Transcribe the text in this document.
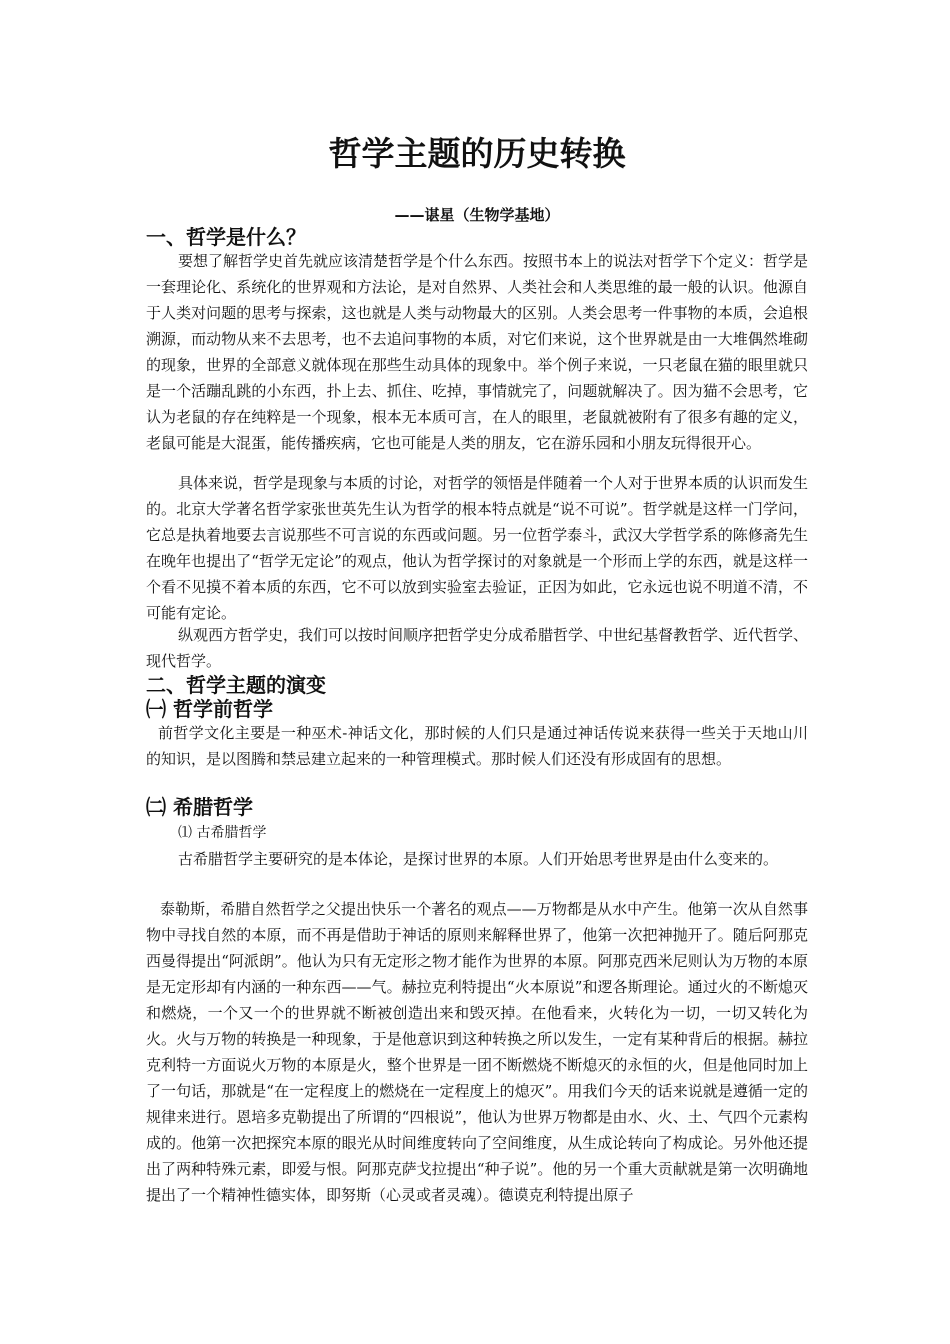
哲学主题的历史转换
——谌星（生物学基地）
一、哲学是什么？

要想了解哲学史首先就应该清楚哲学是个什么东西。按照书本上的说法对哲学下个定义：哲学是一套理论化、系统化的世界观和方法论，是对自然界、人类社会和人类思维的最一般的认识。他源自于人类对问题的思考与探索，这也就是人类与动物最大的区别。人类会思考一件事物的本质，会追根溯源，而动物从来不去思考，也不去追问事物的本质，对它们来说，这个世界就是由一大堆偶然堆砌的现象，世界的全部意义就体现在那些生动具体的现象中。举个例子来说，一只老鼠在猫的眼里就只是一个活蹦乱跳的小东西，扑上去、抓住、吃掉，事情就完了，问题就解决了。因为猫不会思考，它认为老鼠的存在纯粹是一个现象，根本无本质可言，在人的眼里，老鼠就被附有了很多有趣的定义，老鼠可能是大混蛋，能传播疾病，它也可能是人类的朋友，它在游乐园和小朋友玩得很开心。

具体来说，哲学是现象与本质的讨论，对哲学的领悟是伴随着一个人对于世界本质的认识而发生的。北京大学著名哲学家张世英先生认为哲学的根本特点就是“说不可说”。哲学就是这样一门学问，它总是执着地要去言说那些不可言说的东西或问题。另一位哲学泰斗，武汉大学哲学系的陈修斋先生在晚年也提出了“哲学无定论”的观点，他认为哲学探讨的对象就是一个形而上学的东西，就是这样一个看不见摸不着本质的东西，它不可以放到实验室去验证，正因为如此，它永远也说不明道不清，不可能有定论。

纵观西方哲学史，我们可以按时间顺序把哲学史分成希腊哲学、中世纪基督教哲学、近代哲学、现代哲学。

二、哲学主题的演变
㈠ 哲学前哲学

前哲学文化主要是一种巫术-神话文化，那时候的人们只是通过神话传说来获得一些关于天地山川的知识，是以图腾和禁忌建立起来的一种管理模式。那时候人们还没有形成固有的思想。

㈡ 希腊哲学
⑴ 古希腊哲学

古希腊哲学主要研究的是本体论，是探讨世界的本原。人们开始思考世界是由什么变来的。

泰勒斯，希腊自然哲学之父提出快乐一个著名的观点——万物都是从水中产生。他第一次从自然事物中寻找自然的本原，而不再是借助于神话的原则来解释世界了，他第一次把神抛开了。随后阿那克西曼得提出“阿派朗”。他认为只有无定形之物才能作为世界的本原。阿那克西米尼则认为万物的本原是无定形却有内涵的一种东西——气。赫拉克利特提出“火本原说”和逻各斯理论。通过火的不断熄灭和燃烧，一个又一个的世界就不断被创造出来和毁灭掉。在他看来，火转化为一切，一切又转化为火。火与万物的转换是一种现象，于是他意识到这种转换之所以发生，一定有某种背后的根据。赫拉克利特一方面说火万物的本原是火，整个世界是一团不断燃烧不断熄灭的永恒的火，但是他同时加上了一句话，那就是“在一定程度上的燃烧在一定程度上的熄灭”。用我们今天的话来说就是遵循一定的规律来进行。恩培多克勒提出了所谓的“四根说”，他认为世界万物都是由水、火、土、气四个元素构成的。他第一次把探究本原的眼光从时间维度转向了空间维度，从生成论转向了构成论。另外他还提出了两种特殊元素，即爱与恨。阿那克萨戈拉提出“种子说”。他的另一个重大贡献就是第一次明确地提出了一个精神性德实体，即努斯（心灵或者灵魂）。德谟克利特提出原子
